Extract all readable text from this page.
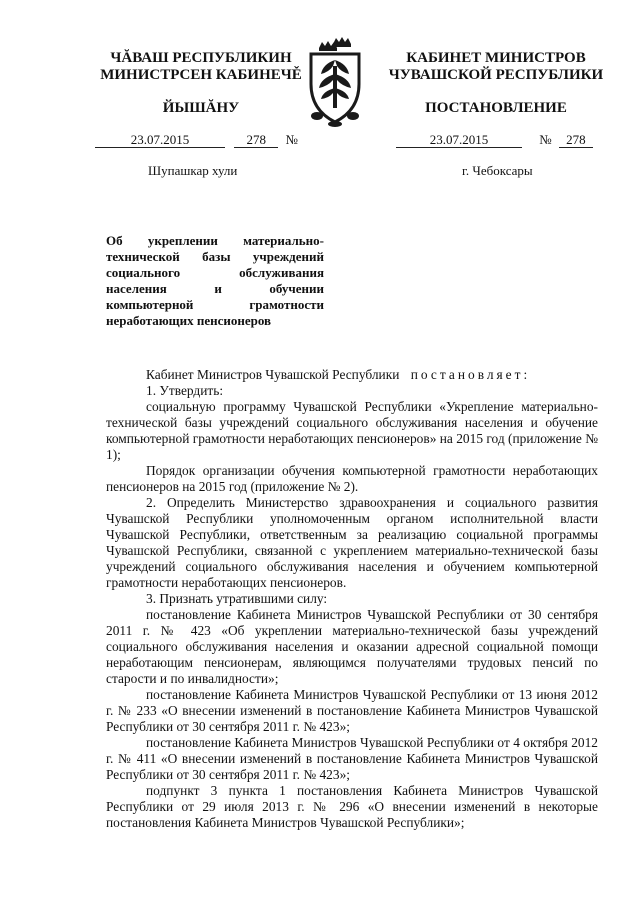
ЧĂВАШ РЕСПУБЛИКИН
МИНИСТРСЕН КАБИНЕЧĚ
ЙЫШĂНУ
КАБИНЕТ МИНИСТРОВ
ЧУВАШСКОЙ РЕСПУБЛИКИ
ПОСТАНОВЛЕНИЕ
23.07.2015	278 №	23.07.2015	№ 278
Шупашкар хули	г. Чебоксары
Об укреплении материально-технической базы учреждений социального обслуживания населения и обучении компьютерной грамотности неработающих пенсионеров

Кабинет Министров Чувашской Республики постановляет:

1. Утвердить:

социальную программу Чувашской Республики «Укрепление материально-технической базы учреждений социального обслуживания населения и обучение компьютерной грамотности неработающих пенсионеров» на 2015 год (приложение № 1);

Порядок организации обучения компьютерной грамотности неработающих пенсионеров на 2015 год (приложение № 2).

2. Определить Министерство здравоохранения и социального развития Чувашской Республики уполномоченным органом исполнительной власти Чувашской Республики, ответственным за реализацию социальной программы Чувашской Республики, связанной с укреплением материально-технической базы учреждений социального обслуживания населения и обучением компьютерной грамотности неработающих пенсионеров.

3. Признать утратившими силу:

постановление Кабинета Министров Чувашской Республики от 30 сентября 2011 г. № 423 «Об укреплении материально-технической базы учреждений социального обслуживания населения и оказании адресной социальной помощи неработающим пенсионерам, являющимся получателями трудовых пенсий по старости и по инвалидности»;

постановление Кабинета Министров Чувашской Республики от 13 июня 2012 г. № 233 «О внесении изменений в постановление Кабинета Министров Чувашской Республики от 30 сентября 2011 г. № 423»;

постановление Кабинета Министров Чувашской Республики от 4 октября 2012 г. № 411 «О внесении изменений в постановление Кабинета Министров Чувашской Республики от 30 сентября 2011 г. № 423»;

подпункт 3 пункта 1 постановления Кабинета Министров Чувашской Республики от 29 июля 2013 г. № 296 «О внесении изменений в некоторые постановления Кабинета Министров Чувашской Республики»;
